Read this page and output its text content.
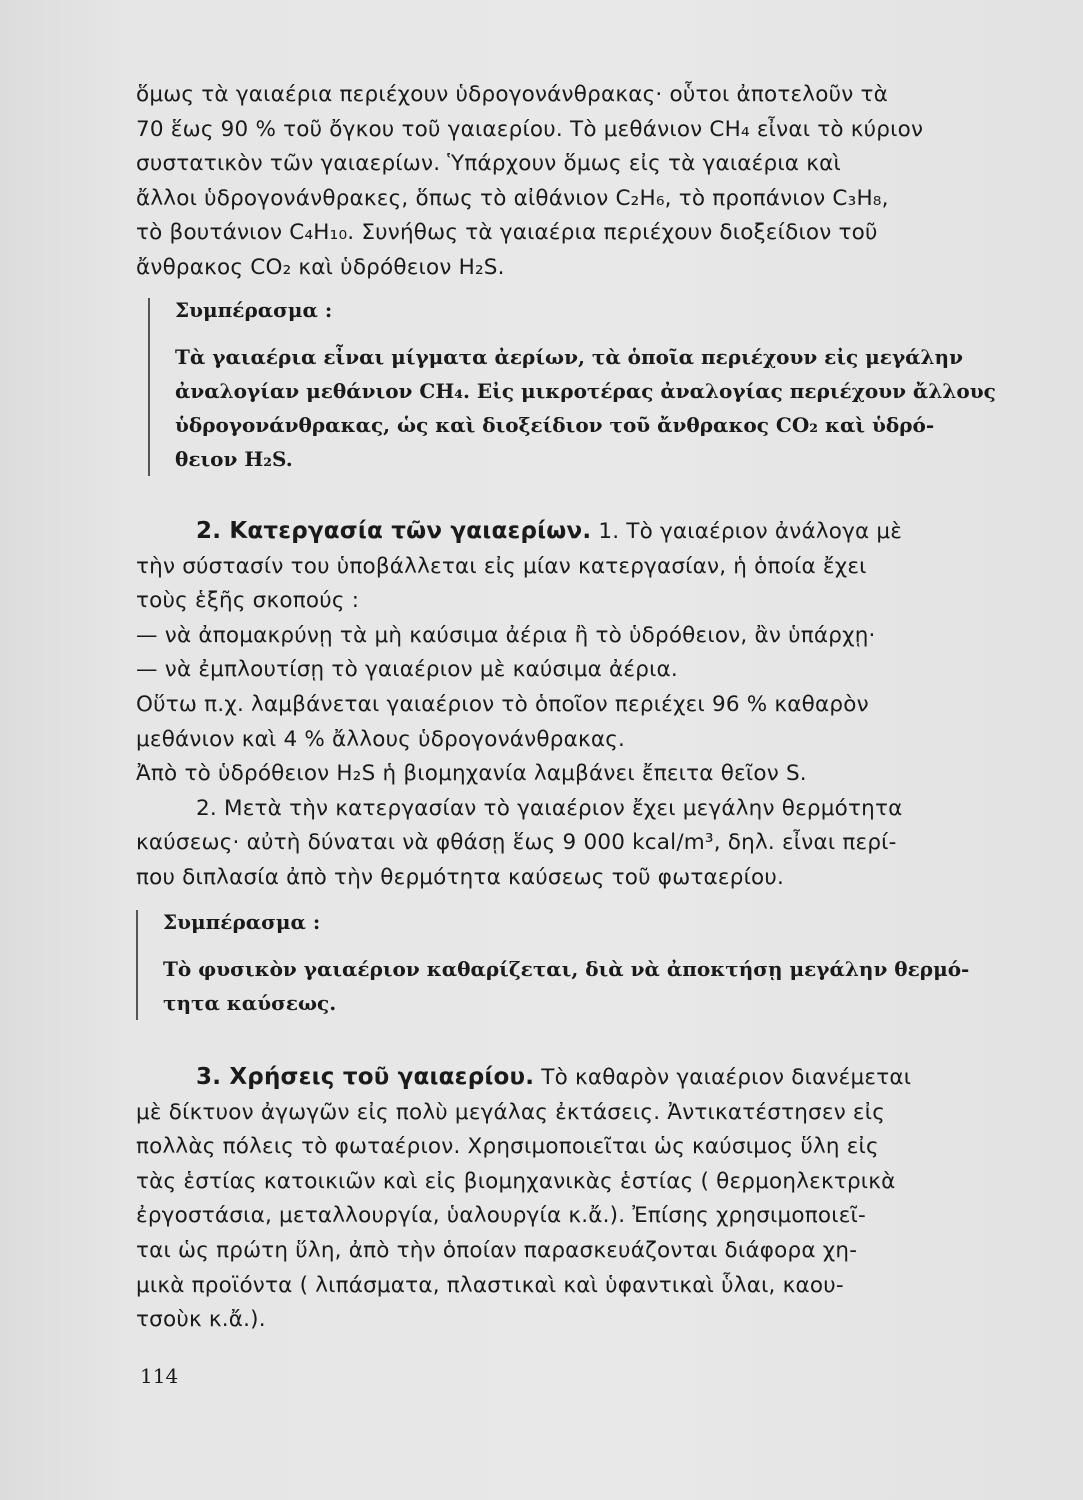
ὅμως τὰ γαιαέρια περιέχουν ὑδρογονάνθρακας· οὗτοι ἀποτελοῦν τὰ
70 ἕως 90 % τοῦ ὄγκου τοῦ γαιαερίου. Τὸ μεθάνιον CH₄ εἶναι τὸ κύριον
συστατικὸν τῶν γαιαερίων. Ὑπάρχουν ὅμως εἰς τὰ γαιαέρια καὶ
ἄλλοι ὑδρογονάνθρακες, ὅπως τὸ αἰθάνιον C₂H₆, τὸ προπάνιον C₃H₈,
τὸ βουτάνιον C₄H₁₀. Συνήθως τὰ γαιαέρια περιέχουν διοξείδιον τοῦ
ἄνθρακος CO₂ καὶ ὑδρόθειον H₂S.
Συμπέρασμα :
Τὰ γαιαέρια εἶναι μίγματα ἀερίων, τὰ ὁποῖα περιέχουν εἰς μεγάλην
ἀναλογίαν μεθάνιον CH₄. Εἰς μικροτέρας ἀναλογίας περιέχουν ἄλλους
ὑδρογονάνθρακας, ὡς καὶ διοξείδιον τοῦ ἄνθρακος CO₂ καὶ ὑδρό-
θειον H₂S.
2. Κατεργασία τῶν γαιαερίων. 1. Τὸ γαιαέριον ἀνάλογα μὲ
τὴν σύστασίν του ὑποβάλλεται εἰς μίαν κατεργασίαν, ἡ ὁποία ἔχει
τοὺς ἑξῆς σκοπούς :
— νὰ ἀπομακρύνῃ τὰ μὴ καύσιμα ἀέρια ἢ τὸ ὑδρόθειον, ἂν ὑπάρχῃ·
— νὰ ἐμπλουτίσῃ τὸ γαιαέριον μὲ καύσιμα ἀέρια.
Οὕτω π.χ. λαμβάνεται γαιαέριον τὸ ὁποῖον περιέχει 96 % καθαρὸν
μεθάνιον καὶ 4 % ἄλλους ὑδρογονάνθρακας.
Ἀπὸ τὸ ὑδρόθειον H₂S ἡ βιομηχανία λαμβάνει ἔπειτα θεῖον S.
2. Μετὰ τὴν κατεργασίαν τὸ γαιαέριον ἔχει μεγάλην θερμότητα
καύσεως· αὐτὴ δύναται νὰ φθάσῃ ἕως 9 000 kcal/m³, δηλ. εἶναι περί-
που διπλασία ἀπὸ τὴν θερμότητα καύσεως τοῦ φωταερίου.
Συμπέρασμα :
Τὸ φυσικὸν γαιαέριον καθαρίζεται, διὰ νὰ ἀποκτήσῃ μεγάλην θερμό-
τητα καύσεως.
3. Χρήσεις τοῦ γαιαερίου. Τὸ καθαρὸν γαιαέριον διανέμεται
μὲ δίκτυον ἀγωγῶν εἰς πολὺ μεγάλας ἐκτάσεις. Ἀντικατέστησεν εἰς
πολλὰς πόλεις τὸ φωταέριον. Χρησιμοποιεῖται ὡς καύσιμος ὕλη εἰς
τὰς ἑστίας κατοικιῶν καὶ εἰς βιομηχανικὰς ἑστίας ( θερμοηλεκτρικὰ
ἐργοστάσια, μεταλλουργία, ὑαλουργία κ.ἄ.). Ἐπίσης χρησιμοποιεῖ-
ται ὡς πρώτη ὕλη, ἀπὸ τὴν ὁποίαν παρασκευάζονται διάφορα χη-
μικὰ προϊόντα ( λιπάσματα, πλαστικαὶ καὶ ὑφαντικαὶ ὗλαι, καου-
τσοὺκ κ.ἄ.).
114
